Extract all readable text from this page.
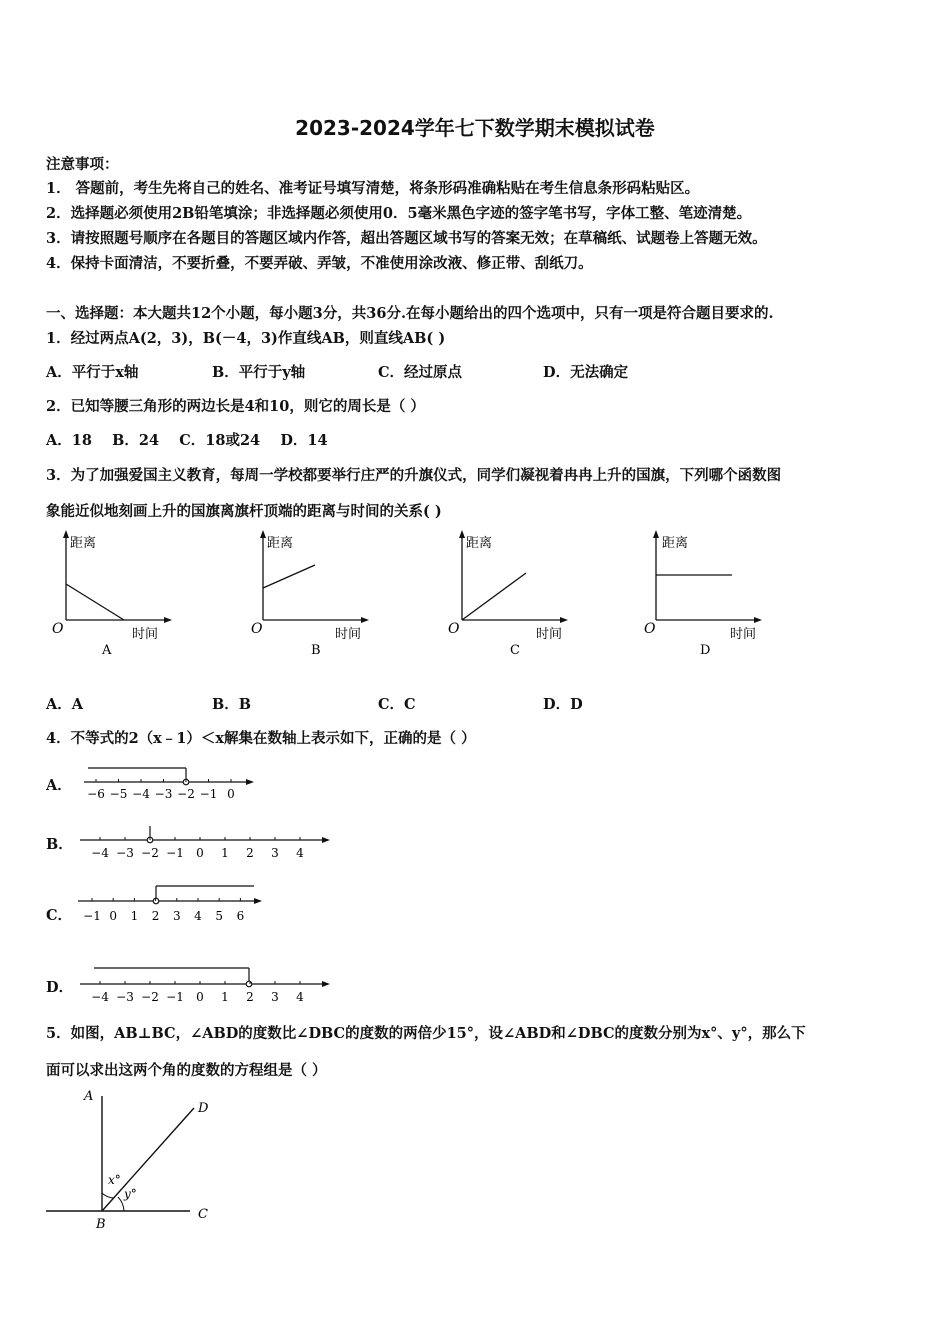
2023-2024学年七下数学期末模拟试卷
注意事项：
1． 答题前，考生先将自己的姓名、准考证号填写清楚，将条形码准确粘贴在考生信息条形码粘贴区。
2．选择题必须使用2B铅笔填涂；非选择题必须使用0．5毫米黑色字迹的签字笔书写，字体工整、笔迹清楚。
3．请按照题号顺序在各题目的答题区域内作答，超出答题区域书写的答案无效；在草稿纸、试题卷上答题无效。
4．保持卡面清洁，不要折叠，不要弄破、弄皱，不准使用涂改液、修正带、刮纸刀。
一、选择题：本大题共12个小题，每小题3分，共36分.在每小题给出的四个选项中，只有一项是符合题目要求的.
1．经过两点A(2，3)，B(－4，3)作直线AB，则直线AB( )
A．平行于x轴	B．平行于y轴	C．经过原点	D．无法确定
2．已知等腰三角形的两边长是4和10，则它的周长是（ ）
A．18    B．24    C．18或24    D．14
3．为了加强爱国主义教育，每周一学校都要举行庄严的升旗仪式，同学们凝视着冉冉上升的国旗，下列哪个函数图
象能近似地刻画上升的国旗离旗杆顶端的距离与时间的关系( )
距离
时间
O
A
距离
时间
O
B
距离
时间
O
C
距离
时间
O
D
A．A	B．B	C．C	D．D
4．不等式的2（x﹣1）＜x解集在数轴上表示如下，正确的是（ ）
A． −6 −5 −4 −3 −2 −1 0
B． −4 −3 −2 −1 0 1 2 3 4
C． −1 0 1 2 3 4 5 6
D．
−4 −3 −2 −1 0 1 2 3 4
5．如图，AB⊥BC，∠ABD的度数比∠DBC的度数的两倍少15°，设∠ABD和∠DBC的度数分别为x°、y°，那么下
面可以求出这两个角的度数的方程组是（ ）
A
D
B
C
x°
y°
